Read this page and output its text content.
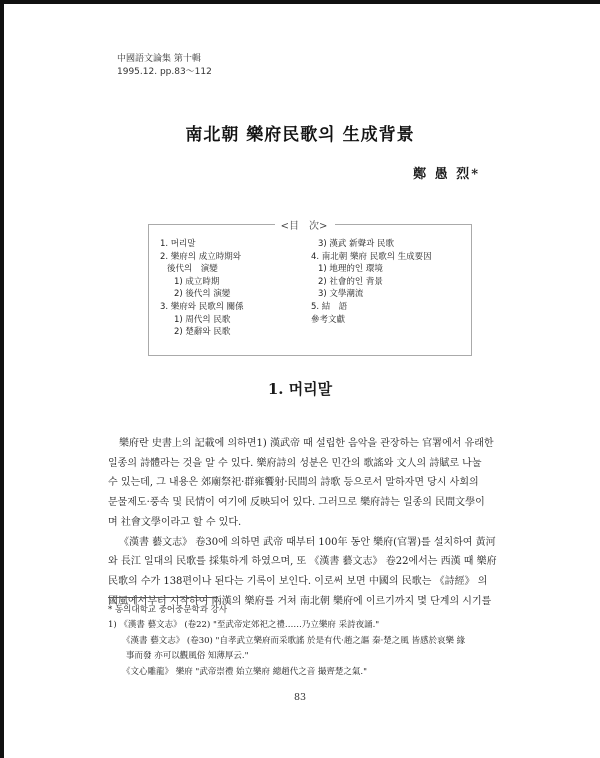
中國語文論集 第十輯
1995.12. pp.83～112
南北朝 樂府民歌의 生成背景
鄭 愚 烈*
<目　次>
1. 머리말
2. 樂府의 成立時期와
後代의　演變
1) 成立時期
2) 後代의 演變
3. 樂府와 民歌의 關係
1) 周代의 民歌
2) 楚辭와 民歌
3) 漢武 新聲과 民歌
4. 南北朝 樂府 民歌의 生成要因
1) 地理的인 環境
2) 社會的인 背景
3) 文學潮流
5. 結　語
參考文獻
1. 머리말
樂府란 史書上의 記載에 의하면1) 漢武帝 때 설립한 음악을 관장하는 官署에서 유래한
일종의 詩體라는 것을 알 수 있다. 樂府詩의 성분은 민간의 歌謠와 文人의 詩賦로 나눌
수 있는데, 그 내용은 郊廟祭祀·群雍饗射·民間의 詩歌 등으로서 말하자면 당시 사회의
문물제도·풍속 및 民情이 여기에 反映되어 있다. 그러므로 樂府詩는 일종의 民間文學이
며 社會文學이라고 할 수 있다.
《漢書 藝文志》 卷30에 의하면 武帝 때부터 100年 동안 樂府(官署)를 설치하여 黃河
와 長江 일대의 民歌를 採集하게 하였으며, 또 《漢書 藝文志》 卷22에서는 西漢 때 樂府
民歌의 수가 138편이나 된다는 기록이 보인다. 이로써 보면 中國의 民歌는 《詩經》 의
國風에서부터 시작하여 兩漢의 樂府를 거쳐 南北朝 樂府에 이르기까지 몇 단계의 시기를
* 동의대학교 중어중문학과 강사
1) 《漢書 藝文志》 (卷22) "至武帝定郊祀之禮……乃立樂府 采詩夜誦."
《漢書 藝文志》 (卷30) "自孝武立樂府而采歌謠 於是有代·趙之謳 秦·楚之風 皆感於哀樂 緣
事而發 亦可以觀風俗 知薄厚云."
《文心雕龍》 樂府 "武帝崇禮 始立樂府 總趙代之音 撮齊楚之氣."
83
